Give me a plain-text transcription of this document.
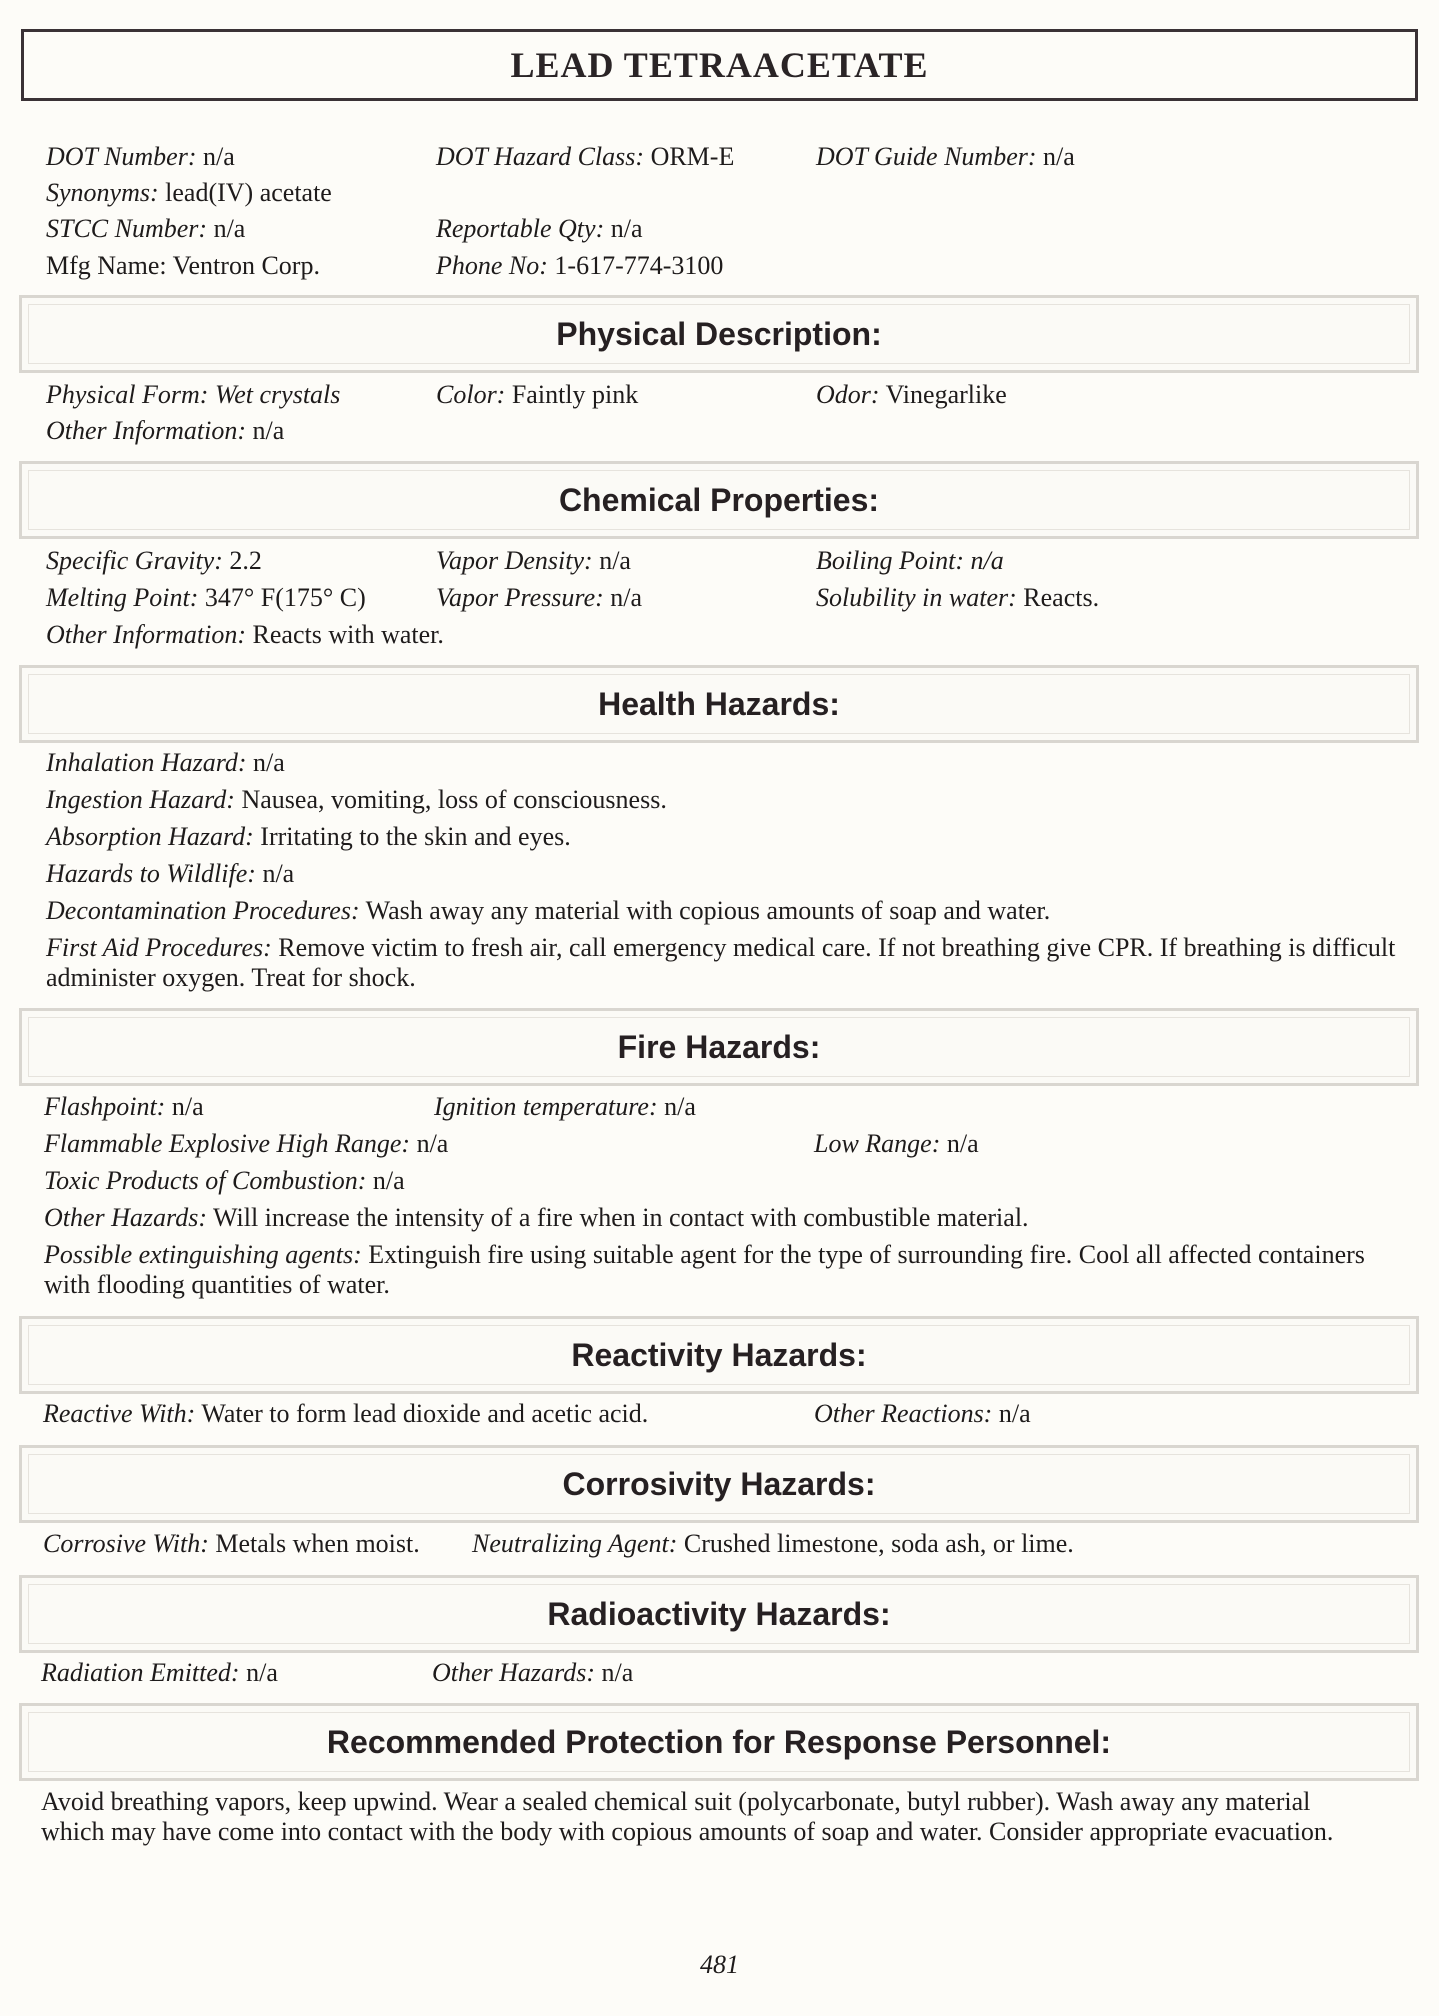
LEAD TETRAACETATE
DOT Number: n/a	DOT Hazard Class: ORM-E	DOT Guide Number: n/a
Synonyms: lead(IV) acetate
STCC Number: n/a	Reportable Qty: n/a
Mfg Name: Ventron Corp.	Phone No: 1-617-774-3100
Physical Description:
Physical Form: Wet crystals	Color: Faintly pink	Odor: Vinegarlike
Other Information: n/a
Chemical Properties:
Specific Gravity: 2.2	Vapor Density: n/a	Boiling Point: n/a
Melting Point: 347° F(175° C)	Vapor Pressure: n/a	Solubility in water: Reacts.
Other Information: Reacts with water.
Health Hazards:
Inhalation Hazard: n/a
Ingestion Hazard: Nausea, vomiting, loss of consciousness.
Absorption Hazard: Irritating to the skin and eyes.
Hazards to Wildlife: n/a
Decontamination Procedures: Wash away any material with copious amounts of soap and water.
First Aid Procedures: Remove victim to fresh air, call emergency medical care. If not breathing give CPR. If breathing is difficult administer oxygen. Treat for shock.
Fire Hazards:
Flashpoint: n/a	Ignition temperature: n/a
Flammable Explosive High Range: n/a	Low Range: n/a
Toxic Products of Combustion: n/a
Other Hazards: Will increase the intensity of a fire when in contact with combustible material.
Possible extinguishing agents: Extinguish fire using suitable agent for the type of surrounding fire. Cool all affected containers with flooding quantities of water.
Reactivity Hazards:
Reactive With: Water to form lead dioxide and acetic acid.	Other Reactions: n/a
Corrosivity Hazards:
Corrosive With: Metals when moist. Neutralizing Agent: Crushed limestone, soda ash, or lime.
Radioactivity Hazards:
Radiation Emitted: n/a	Other Hazards: n/a
Recommended Protection for Response Personnel:
Avoid breathing vapors, keep upwind. Wear a sealed chemical suit (polycarbonate, butyl rubber). Wash away any material which may have come into contact with the body with copious amounts of soap and water. Consider appropriate evacuation.
481
